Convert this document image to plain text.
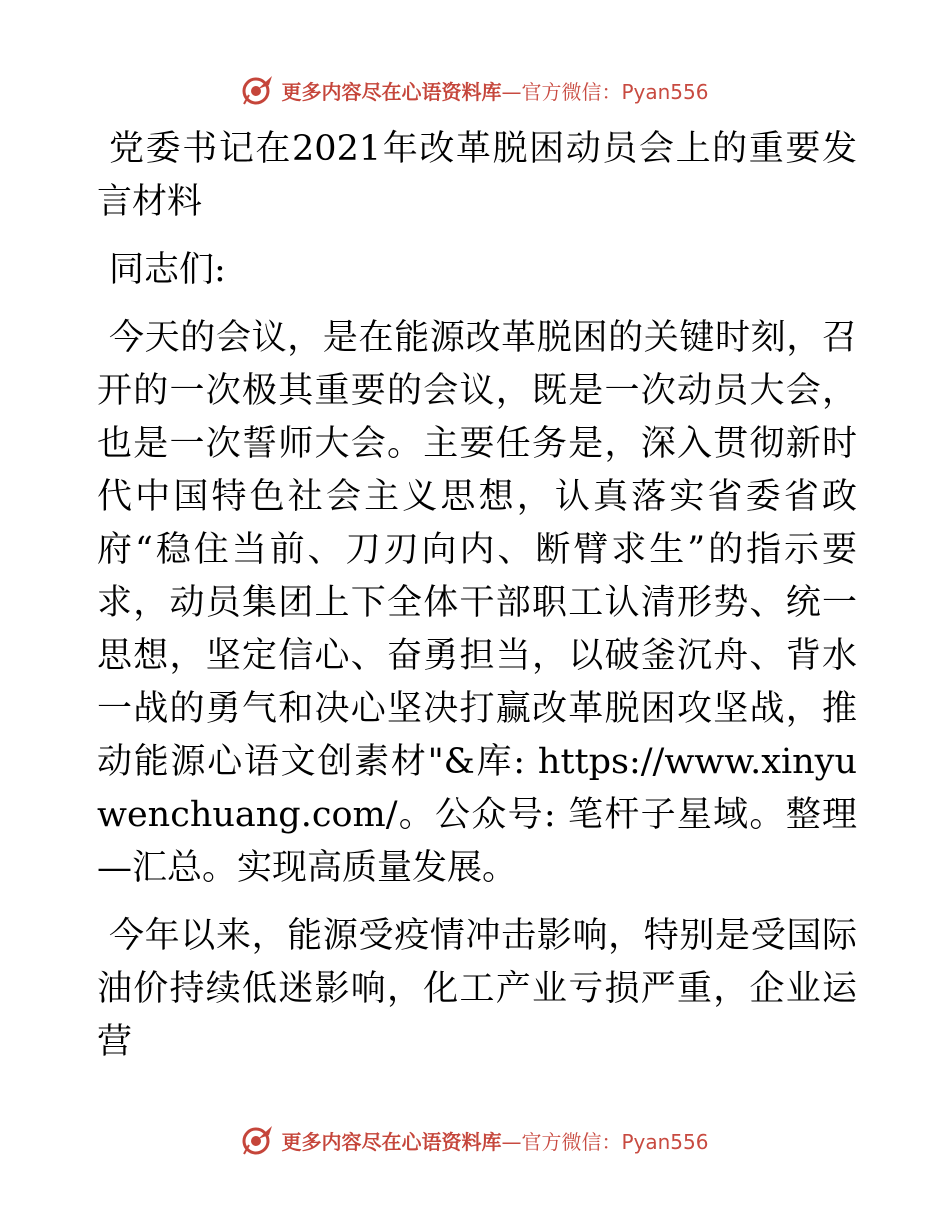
更多内容尽在心语资料库—官方微信：Pyan556

党委书记在2021年改革脱困动员会上的重要发言材料

同志们:

今天的会议，是在能源改革脱困的关键时刻，召开的一次极其重要的会议，既是一次动员大会，也是一次誓师大会。主要任务是，深入贯彻新时代中国特色社会主义思想，认真落实省委省政府“稳住当前、刀刃向内、断臂求生”的指示要求，动员集团上下全体干部职工认清形势、统一思想，坚定信心、奋勇担当，以破釜沉舟、背水一战的勇气和决心坚决打赢改革脱困攻坚战，推动能源心语文创素材"&库: https://www.xinyuwenchuang.com/。公众号: 笔杆子星域。整理—汇总。实现高质量发展。

今年以来，能源受疫情冲击影响，特别是受国际油价持续低迷影响，化工产业亏损严重，企业运营

更多内容尽在心语资料库—官方微信：Pyan556
